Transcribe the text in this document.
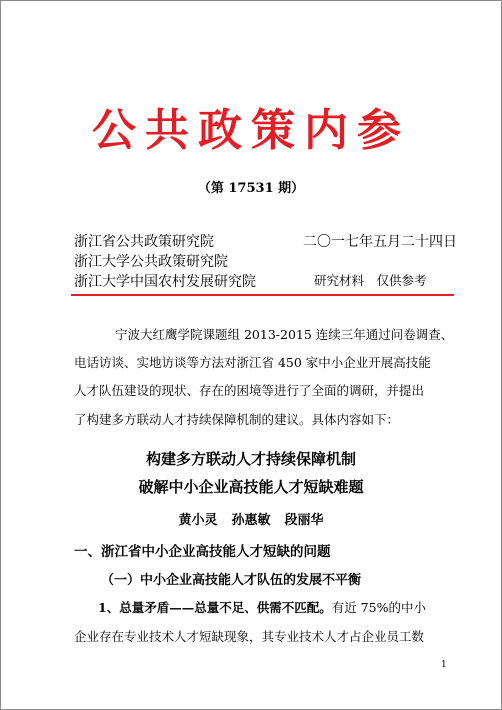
公共政策内参
（第 17531 期）
浙江省公共政策研究院
浙江大学公共政策研究院
浙江大学中国农村发展研究院
二〇一七年五月二十四日
研究材料　仅供参考
宁波大红鹰学院课题组 2013-2015 连续三年通过问卷调查、
电话访谈、实地访谈等方法对浙江省 450 家中小企业开展高技能
人才队伍建设的现状、存在的困境等进行了全面的调研，并提出
了构建多方联动人才持续保障机制的建议。具体内容如下：
构建多方联动人才持续保障机制
破解中小企业高技能人才短缺难题
黄小灵 孙惠敏 段丽华
一、浙江省中小企业高技能人才短缺的问题
（一）中小企业高技能人才队伍的发展不平衡
1、总量矛盾——总量不足、供需不匹配。有近 75%的中小
企业存在专业技术人才短缺现象，其专业技术人才占企业员工数
1
